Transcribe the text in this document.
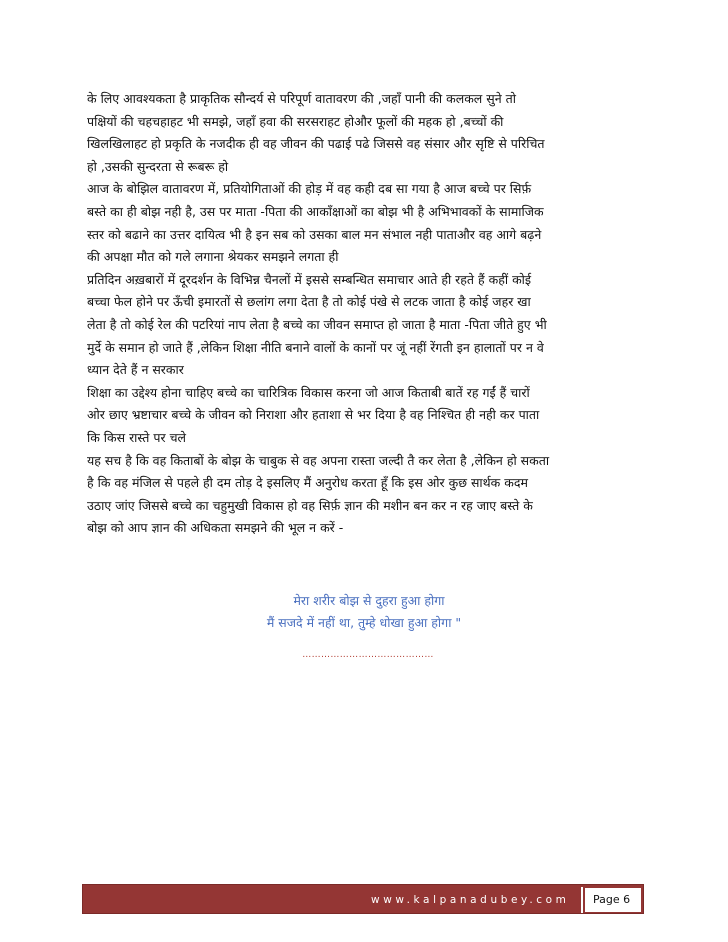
के लिए आवश्यकता है प्राकृतिक सौन्दर्य से परिपूर्ण वातावरण की ,जहाँ पानी की कलकल सुने तो

पक्षियों की चहचहाहट भी समझे, जहाँ हवा की सरसराहट होऔर फूलों की महक हो ,बच्चों की

खिलखिलाहट हो प्रकृति के नजदीक ही वह जीवन की पढाई पढे जिससे वह संसार और सृष्टि से परिचित

हो ,उसकी सुन्दरता से रूबरू हो

आज के बोझिल वातावरण में, प्रतियोगिताओं की होड़ में वह कही दब सा गया है आज बच्चे पर सिर्फ़

बस्ते का ही बोझ नही है, उस पर माता -पिता की आकाँक्षाओं का बोझ भी है अभिभावकों के सामाजिक

स्तर को बढाने का उत्तर दायित्व भी है इन सब को उसका बाल मन संभाल नही पाताऔर वह आगे बढ़ने

की अपक्षा मौत को गले लगाना श्रेयकर समझने लगता ही

प्रतिदिन अख़बारों में दूरदर्शन के विभिन्न चैनलों में इससे सम्बन्धित समाचार आते ही रहते हैं कहीं कोई

बच्चा फेल होने पर ऊँची इमारतों से छलांग लगा देता है तो कोई पंखे से लटक जाता है कोई जहर खा

लेता है तो कोई रेल की पटरियां नाप लेता है बच्चे का जीवन समाप्त हो जाता है माता -पिता जीते हुए भी

मुर्दे के समान हो जाते हैं ,लेकिन शिक्षा नीति बनाने वालों के कानों पर जूं नहीं रेंगती इन हालातों पर न वे

ध्यान देते हैं न सरकार

शिक्षा का उद्देश्य होना चाहिए बच्चे का चारित्रिक विकास करना जो आज किताबी बातें रह गईं हैं चारों

ओर छाए भ्रष्टाचार बच्चे के जीवन को निराशा और हताशा से भर दिया है वह निश्चित ही नही कर पाता

कि किस रास्ते पर चले

यह सच है कि वह किताबों के बोझ के चाबुक से वह अपना रास्ता जल्दी तै कर लेता है ,लेकिन हो सकता

है कि वह मंजिल से पहले ही दम तोड़ दे इसलिए मैं अनुरोध करता हूँ कि इस ओर कुछ सार्थक कदम

उठाए जांए जिससे बच्चे का चहुमुखी विकास हो वह सिर्फ़ ज्ञान की मशीन बन कर न रह जाए बस्ते के

बोझ को आप ज्ञान की अधिकता समझने की भूल न करें -

मेरा शरीर बोझ से दुहरा हुआ होगा

मैं सजदे में नहीं था, तुम्हे धोखा हुआ होगा "

……………………………………
www.kalpanadubey.com	Page 6
